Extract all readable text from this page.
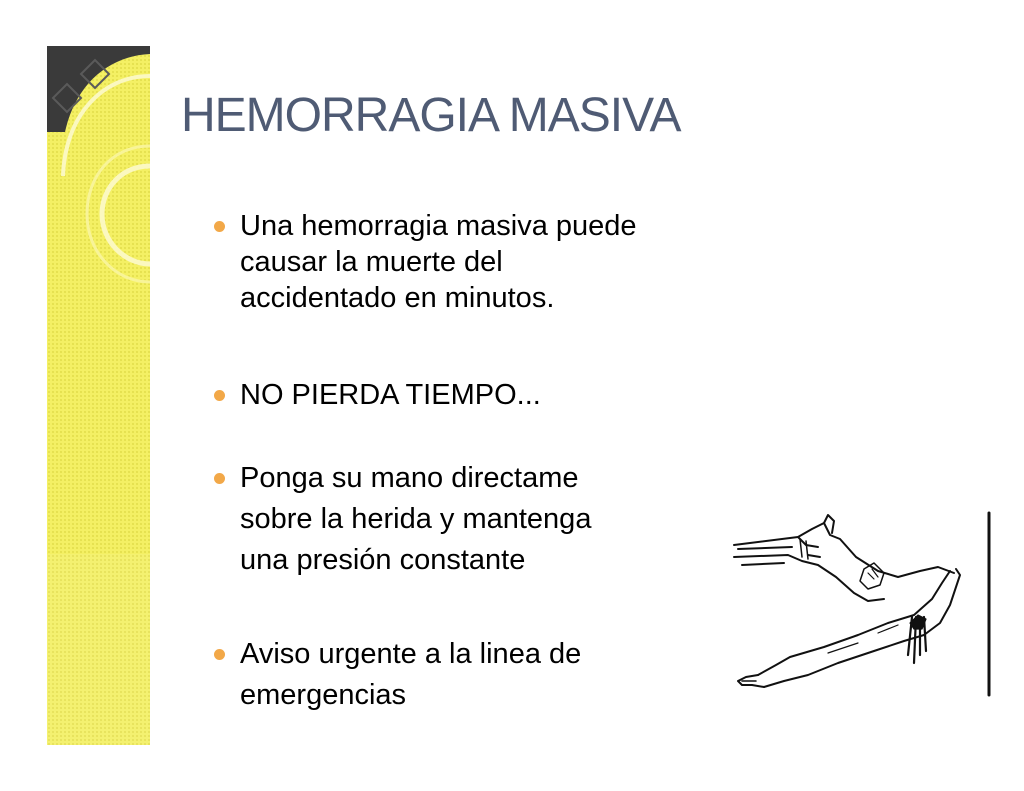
HEMORRAGIA MASIVA
Una hemorragia masiva puede
causar la muerte del
accidentado en minutos.
NO PIERDA TIEMPO...
Ponga su mano directame
sobre la herida y mantenga
una presión constante
Aviso urgente a la linea de
emergencias
